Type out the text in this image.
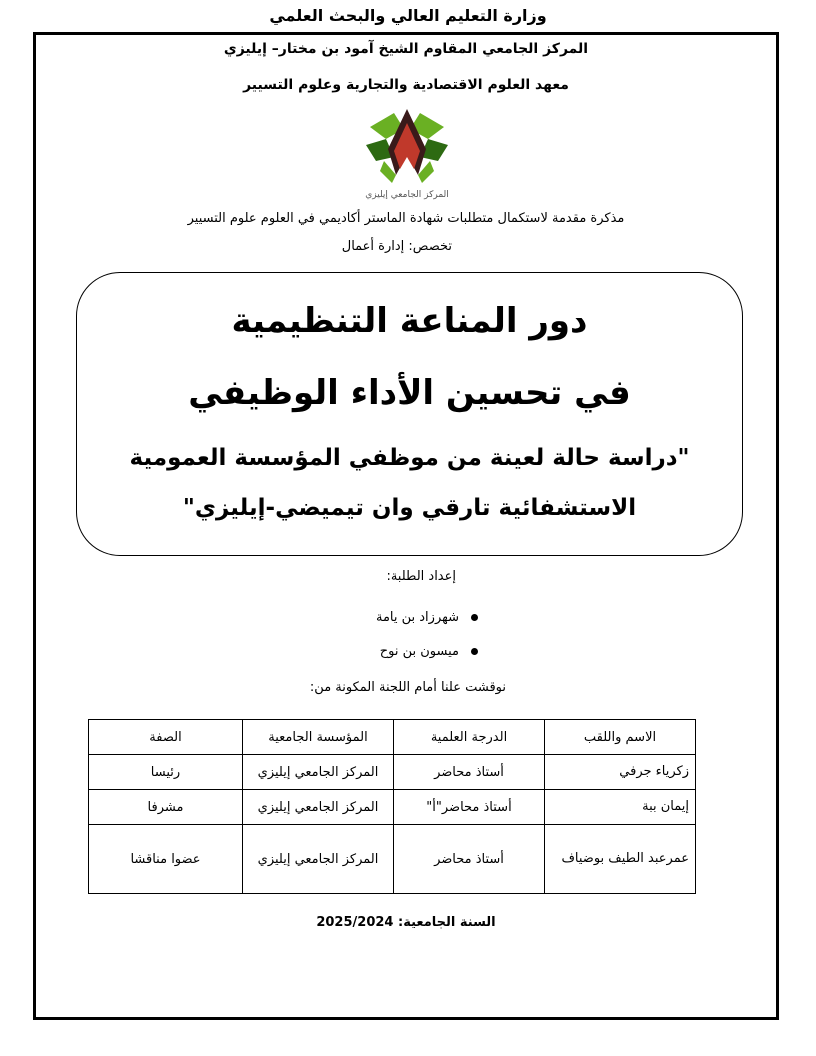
وزارة التعليم العالي والبحث العلمي
المركز الجامعي المقاوم الشيخ آمود بن مختار– إيليزي
معهد العلوم الاقتصادية والتجارية وعلوم التسيير
المركز الجامعي إيليزي
مذكرة مقدمة لاستكمال متطلبات شهادة الماستر أكاديمي في العلوم علوم التسيير
تخصص: إدارة أعمال
دور المناعة التنظيمية
في تحسين الأداء الوظيفي
"دراسة حالة لعينة من موظفي المؤسسة العمومية
الاستشفائية تارقي وان تيميضي-إيليزي"
إعداد الطلبة:
شهرزاد بن يامة
ميسون بن نوح
نوقشت علنا أمام اللجنة المكونة من:
الاسم واللقب	الدرجة العلمية	المؤسسة الجامعية	الصفة
زكرياء جرفي	أستاذ محاضر	المركز الجامعي إيليزي	رئيسا
إيمان ببة	أستاذ محاضر"أ"	المركز الجامعي إيليزي	مشرفا
عمرعبد الطيف بوضياف	أستاذ محاضر	المركز الجامعي إيليزي	عضوا مناقشا
السنة الجامعية: 2025/2024
